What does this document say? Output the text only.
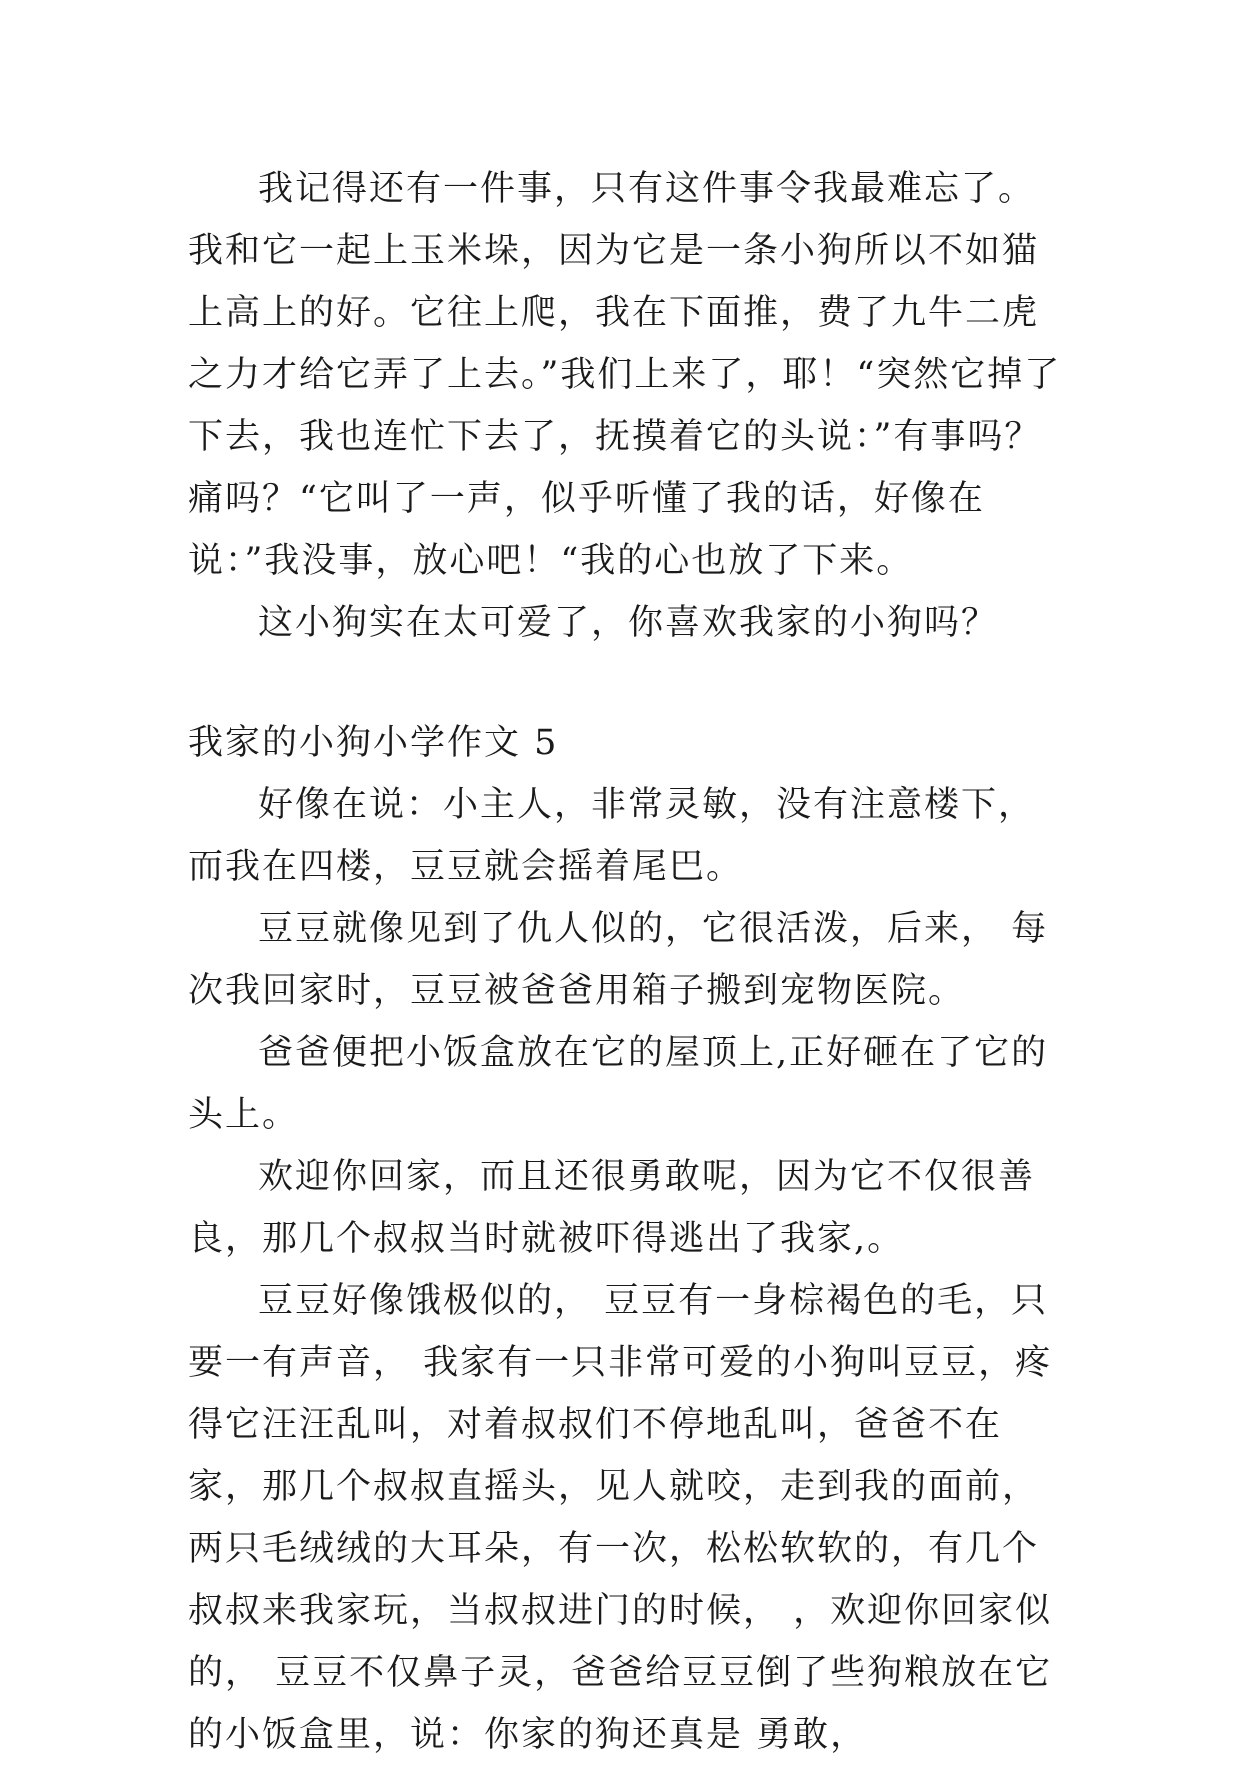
我记得还有一件事，只有这件事令我最难忘了。我和它一起上玉米垛，因为它是一条小狗所以不如猫上高上的好。它往上爬，我在下面推，费了九牛二虎之力才给它弄了上去。”我们上来了，耶！“突然它掉了下去，我也连忙下去了，抚摸着它的头说：”有事吗？痛吗？“它叫了一声，似乎听懂了我的话，好像在说：”我没事，放心吧！“我的心也放了下来。

这小狗实在太可爱了，你喜欢我家的小狗吗？

我家的小狗小学作文 5

好像在说：小主人，非常灵敏，没有注意楼下，而我在四楼，豆豆就会摇着尾巴。

豆豆就像见到了仇人似的，它很活泼，后来， 每次我回家时，豆豆被爸爸用箱子搬到宠物医院。

爸爸便把小饭盒放在它的屋顶上,正好砸在了它的头上。

欢迎你回家，而且还很勇敢呢，因为它不仅很善良，那几个叔叔当时就被吓得逃出了我家,。

豆豆好像饿极似的， 豆豆有一身棕褐色的毛，只要一有声音， 我家有一只非常可爱的小狗叫豆豆，疼得它汪汪乱叫，对着叔叔们不停地乱叫，爸爸不在家，那几个叔叔直摇头，见人就咬，走到我的面前，两只毛绒绒的大耳朵，有一次，松松软软的，有几个叔叔来我家玩，当叔叔进门的时候， ，欢迎你回家似的， 豆豆不仅鼻子灵，爸爸给豆豆倒了些狗粮放在它的小饭盒里，说：你家的狗还真是 勇敢，
